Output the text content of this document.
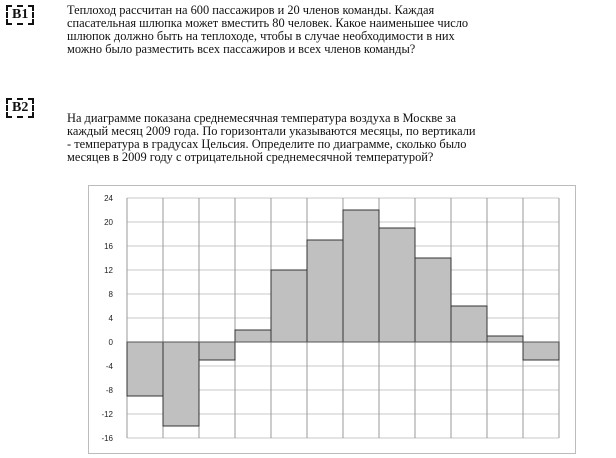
B1	Теплоход рассчитан на 600 пассажиров и 20 членов команды. Каждая
спасательная шлюпка может вместить 80 человек. Какое наименьшее число
шлюпок должно быть на теплоходе, чтобы в случае необходимости в них
можно было разместить всех пассажиров и всех членов команды?
B2
На диаграмме показана среднемесячная температура воздуха в Москве за
каждый месяц 2009 года. По горизонтали указываются месяцы, по вертикали
- температура в градусах Цельсия. Определите по диаграмме, сколько было
месяцев в 2009 году с отрицательной среднемесячной температурой?
24
20
16
12
8
4
0
-4
-8
-12
-16
